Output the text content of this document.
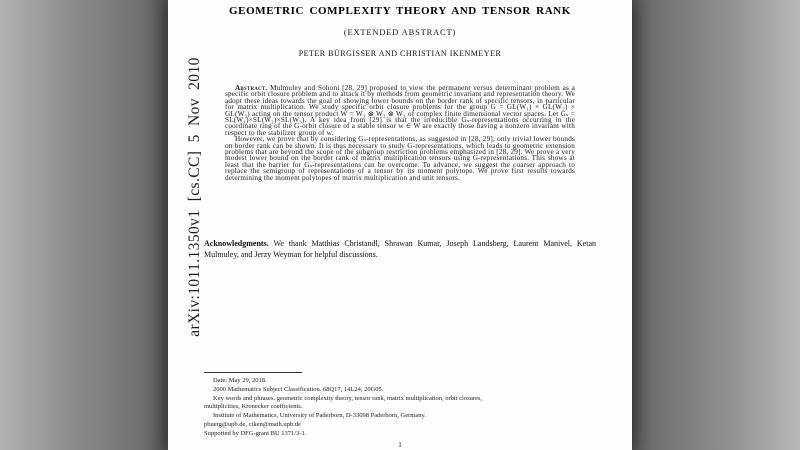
arXiv:1011.1350v1 [cs.CC] 5 Nov 2010
GEOMETRIC COMPLEXITY THEORY AND TENSOR RANK
(EXTENDED ABSTRACT)
PETER BÜRGISSER AND CHRISTIAN IKENMEYER

Abstract. Mulmuley and Sohoni [28, 29] proposed to view the permanent versus determinant problem as a specific orbit closure problem and to attack it by methods from geometric invariant and representation theory. We adopt these ideas towards the goal of showing lower bounds on the border rank of specific tensors, in particular for matrix multiplication. We study specific orbit closure problems for the group G = GL(W₁) × GL(W₂) × GL(W₃) acting on the tensor product W = W₁ ⊗ W₂ ⊗ W₃ of complex finite dimensional vector spaces. Let Gₛ = SL(W₁)×SL(W₂)×SL(W₃). A key idea from [29] is that the irreducible Gₛ-representations occurring in the coordinate ring of the G-orbit closure of a stable tensor w ∈ W are exactly those having a nonzero invariant with respect to the stabilizer group of w.

However, we prove that by considering Gₛ-representations, as suggested in [28, 29], only trivial lower bounds on border rank can be shown. It is thus necessary to study G-representations, which leads to geometric extension problems that are beyond the scope of the subgroup restriction problems emphasized in [28, 29]. We prove a very modest lower bound on the border rank of matrix multiplication tensors using G-representations. This shows at least that the barrier for Gₛ-representations can be overcome. To advance, we suggest the coarser approach to replace the semigroup of representations of a tensor by its moment polytope. We prove first results towards determining the moment polytopes of matrix multiplication and unit tensors.

Acknowledgments. We thank Matthias Christandl, Shrawan Kumar, Joseph Landsberg, Laurent Manivel, Ketan Mulmuley, and Jerzy Weyman for helpful discussions.

Date: May 29, 2018.
2000 Mathematics Subject Classification. 68Q17, 14L24, 20G05.
Key words and phrases. geometric complexity theory, tensor rank, matrix multiplication, orbit closures,
multiplicities, Kronecker coefficients.
Institute of Mathematics, University of Paderborn, D-33098 Paderborn, Germany.
pbuerg@upb.de, ciken@math.upb.de
Supported by DFG-grant BU 1371/3-1.
1
